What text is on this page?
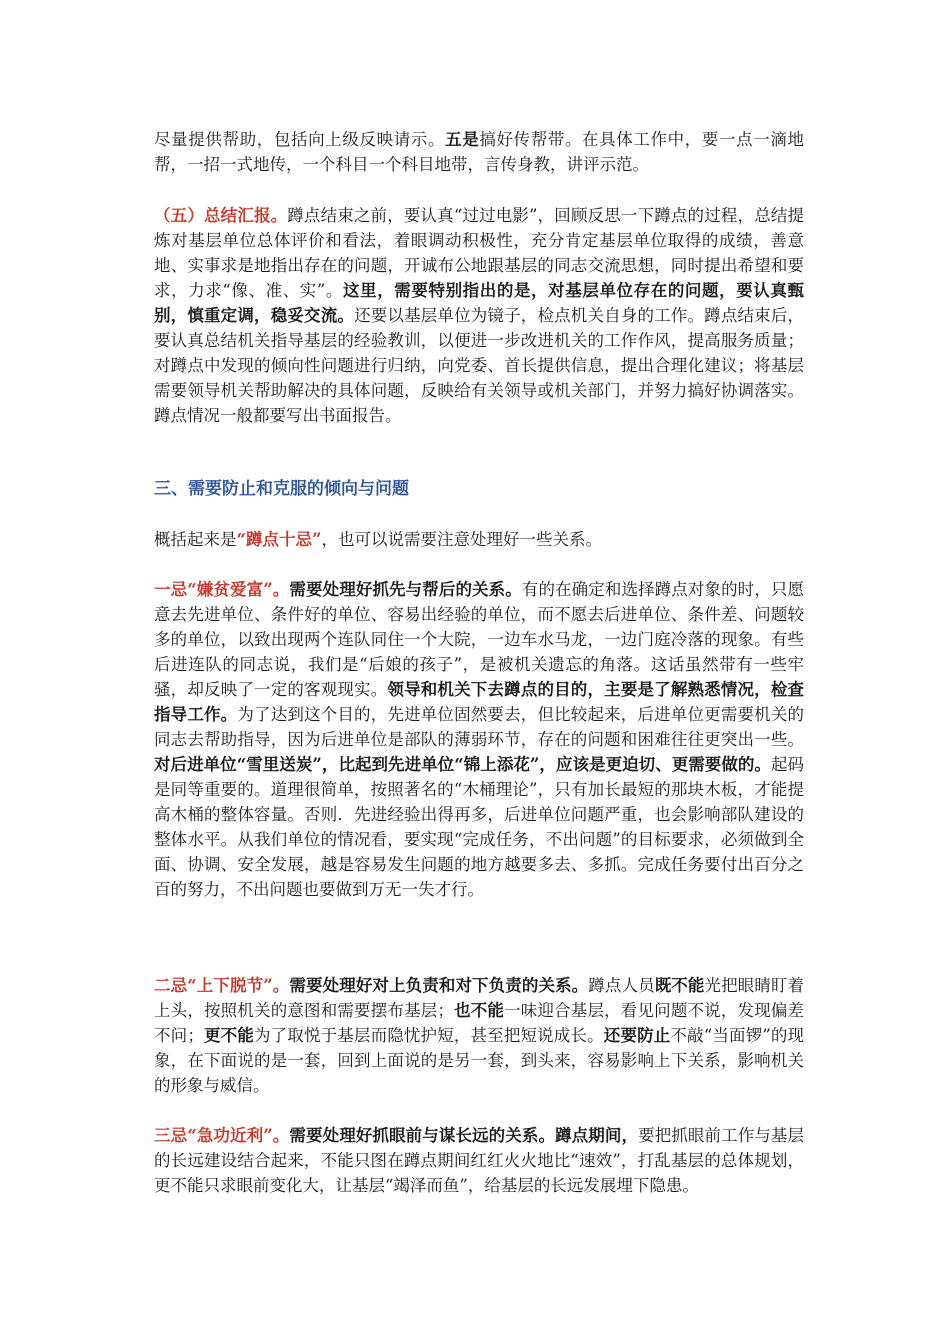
尽量提供帮助，包括向上级反映请示。五是搞好传帮带。在具体工作中，要一点一滴地帮，一招一式地传，一个科目一个科目地带，言传身教，讲评示范。

（五）总结汇报。蹲点结束之前，要认真“过过电影”，回顾反思一下蹲点的过程，总结提炼对基层单位总体评价和看法，着眼调动积极性，充分肯定基层单位取得的成绩，善意地、实事求是地指出存在的问题，开诚布公地跟基层的同志交流思想，同时提出希望和要求，力求“像、准、实”。这里，需要特别指出的是，对基层单位存在的问题，要认真甄别，慎重定调，稳妥交流。还要以基层单位为镜子，检点机关自身的工作。蹲点结束后，要认真总结机关指导基层的经验教训，以便进一步改进机关的工作作风，提高服务质量；对蹲点中发现的倾向性问题进行归纳，向党委、首长提供信息，提出合理化建议；将基层需要领导机关帮助解决的具体问题，反映给有关领导或机关部门，并努力搞好协调落实。蹲点情况一般都要写出书面报告。

三、需要防止和克服的倾向与问题

概括起来是“蹲点十忌”，也可以说需要注意处理好一些关系。

一忌“嫌贫爱富”。需要处理好抓先与帮后的关系。有的在确定和选择蹲点对象的时，只愿意去先进单位、条件好的单位、容易出经验的单位，而不愿去后进单位、条件差、问题较多的单位，以致出现两个连队同住一个大院，一边车水马龙，一边门庭冷落的现象。有些后进连队的同志说，我们是“后娘的孩子”，是被机关遗忘的角落。这话虽然带有一些牢骚，却反映了一定的客观现实。领导和机关下去蹲点的目的，主要是了解熟悉情况，检查指导工作。为了达到这个目的，先进单位固然要去，但比较起来，后进单位更需要机关的同志去帮助指导，因为后进单位是部队的薄弱环节，存在的问题和困难往往更突出一些。对后进单位“雪里送炭”，比起到先进单位“锦上添花”，应该是更迫切、更需要做的。起码是同等重要的。道理很简单，按照著名的“木桶理论”，只有加长最短的那块木板，才能提高木桶的整体容量。否则．先进经验出得再多，后进单位问题严重，也会影响部队建设的整体水平。从我们单位的情况看，要实现“完成任务，不出问题”的目标要求，必须做到全面、协调、安全发展，越是容易发生问题的地方越要多去、多抓。完成任务要付出百分之百的努力，不出问题也要做到万无一失才行。

二忌“上下脱节”。需要处理好对上负责和对下负责的关系。蹲点人员既不能光把眼睛盯着上头，按照机关的意图和需要摆布基层；也不能一味迎合基层，看见问题不说，发现偏差不问；更不能为了取悦于基层而隐忧护短，甚至把短说成长。还要防止不敲“当面锣”的现象，在下面说的是一套，回到上面说的是另一套，到头来，容易影响上下关系，影响机关的形象与威信。

三忌“急功近利”。需要处理好抓眼前与谋长远的关系。蹲点期间，要把抓眼前工作与基层的长远建设结合起来，不能只图在蹲点期间红红火火地比“速效”，打乱基层的总体规划，更不能只求眼前变化大，让基层“竭泽而鱼”，给基层的长远发展埋下隐患。
